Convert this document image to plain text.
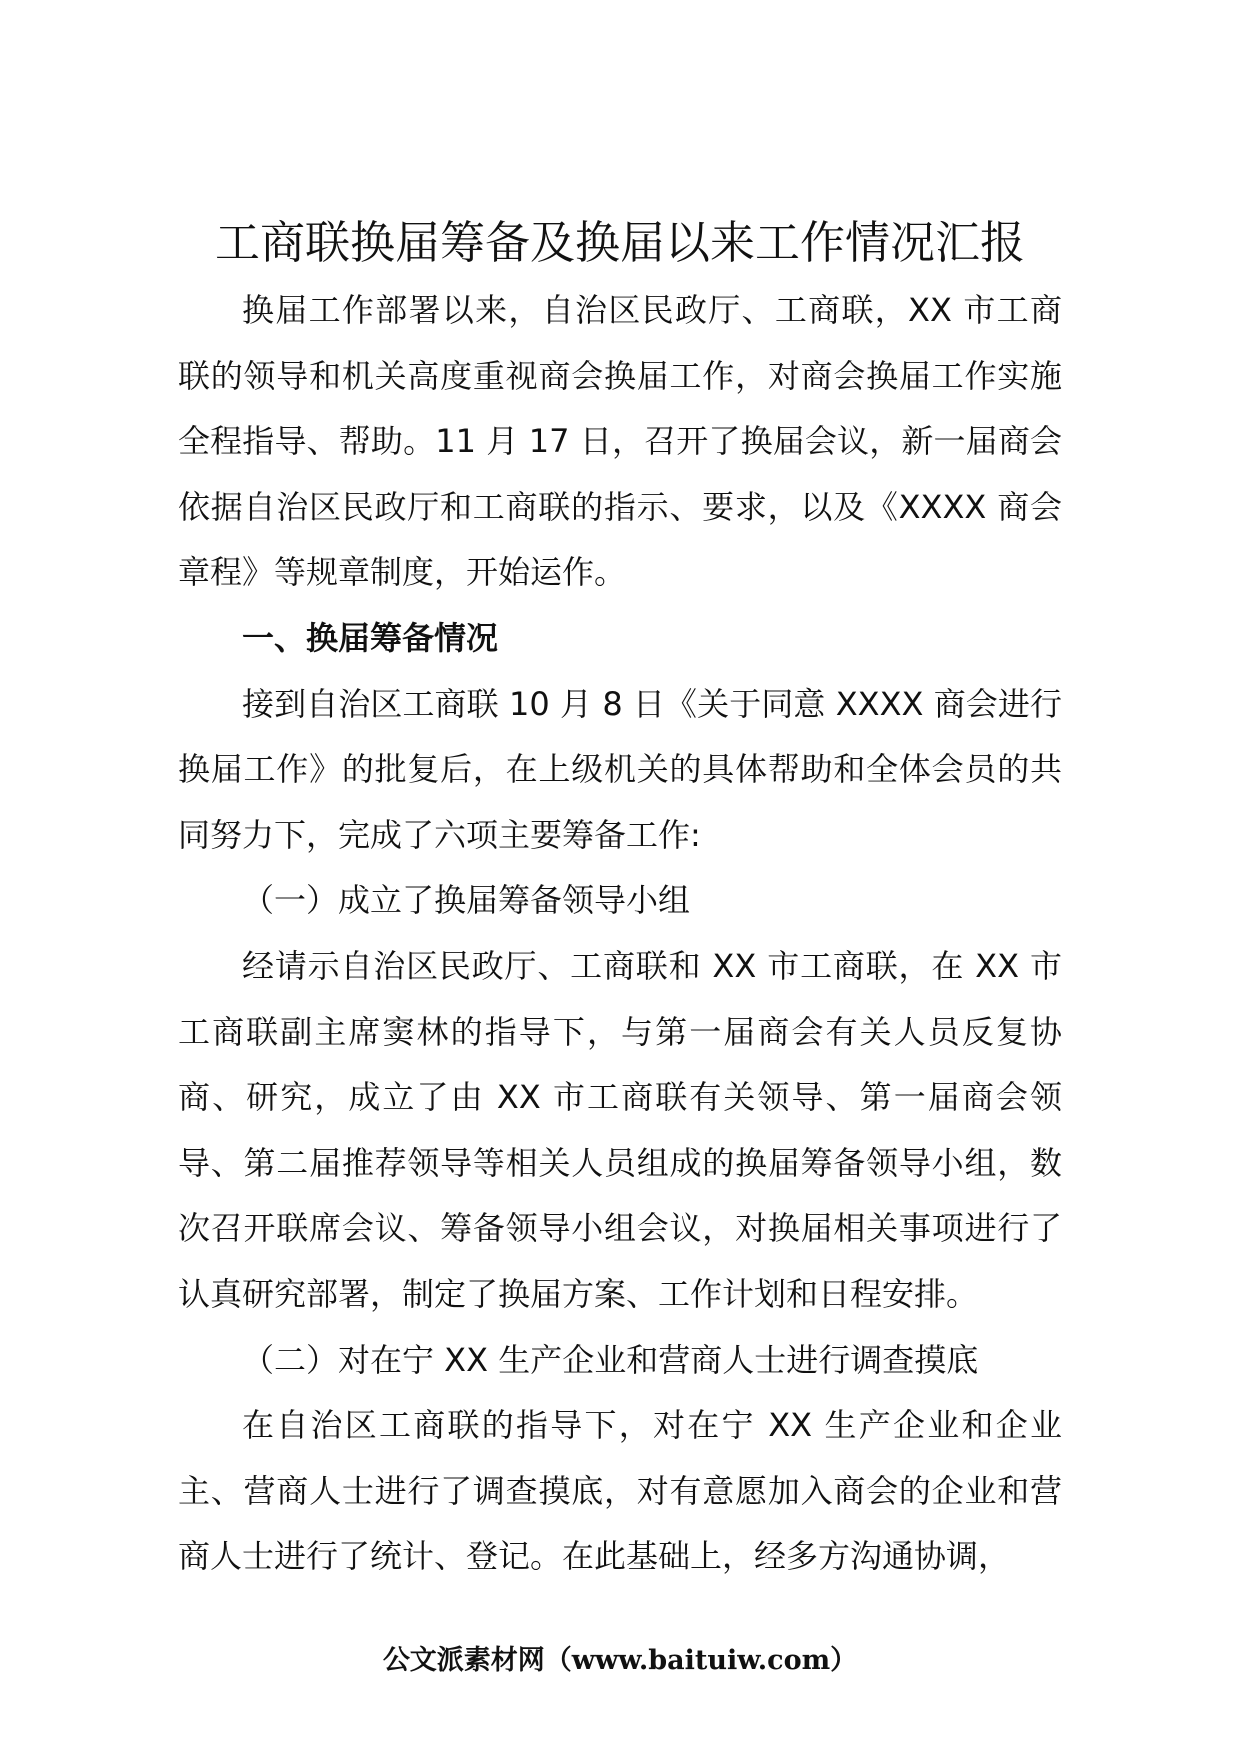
工商联换届筹备及换届以来工作情况汇报

换届工作部署以来，自治区民政厅、工商联，XX 市工商联的领导和机关高度重视商会换届工作，对商会换届工作实施全程指导、帮助。11 月 17 日，召开了换届会议，新一届商会依据自治区民政厅和工商联的指示、要求，以及《XXXX 商会章程》等规章制度，开始运作。

一、换届筹备情况

接到自治区工商联 10 月 8 日《关于同意 XXXX 商会进行换届工作》的批复后，在上级机关的具体帮助和全体会员的共同努力下，完成了六项主要筹备工作:

（一）成立了换届筹备领导小组

经请示自治区民政厅、工商联和 XX 市工商联，在 XX 市工商联副主席窦林的指导下，与第一届商会有关人员反复协商、研究，成立了由 XX 市工商联有关领导、第一届商会领导、第二届推荐领导等相关人员组成的换届筹备领导小组，数次召开联席会议、筹备领导小组会议，对换届相关事项进行了认真研究部署，制定了换届方案、工作计划和日程安排。

（二）对在宁 XX 生产企业和营商人士进行调查摸底

在自治区工商联的指导下，对在宁 XX 生产企业和企业主、营商人士进行了调查摸底，对有意愿加入商会的企业和营商人士进行了统计、登记。在此基础上，经多方沟通协调，

公文派素材网（www.baituiw.com）
